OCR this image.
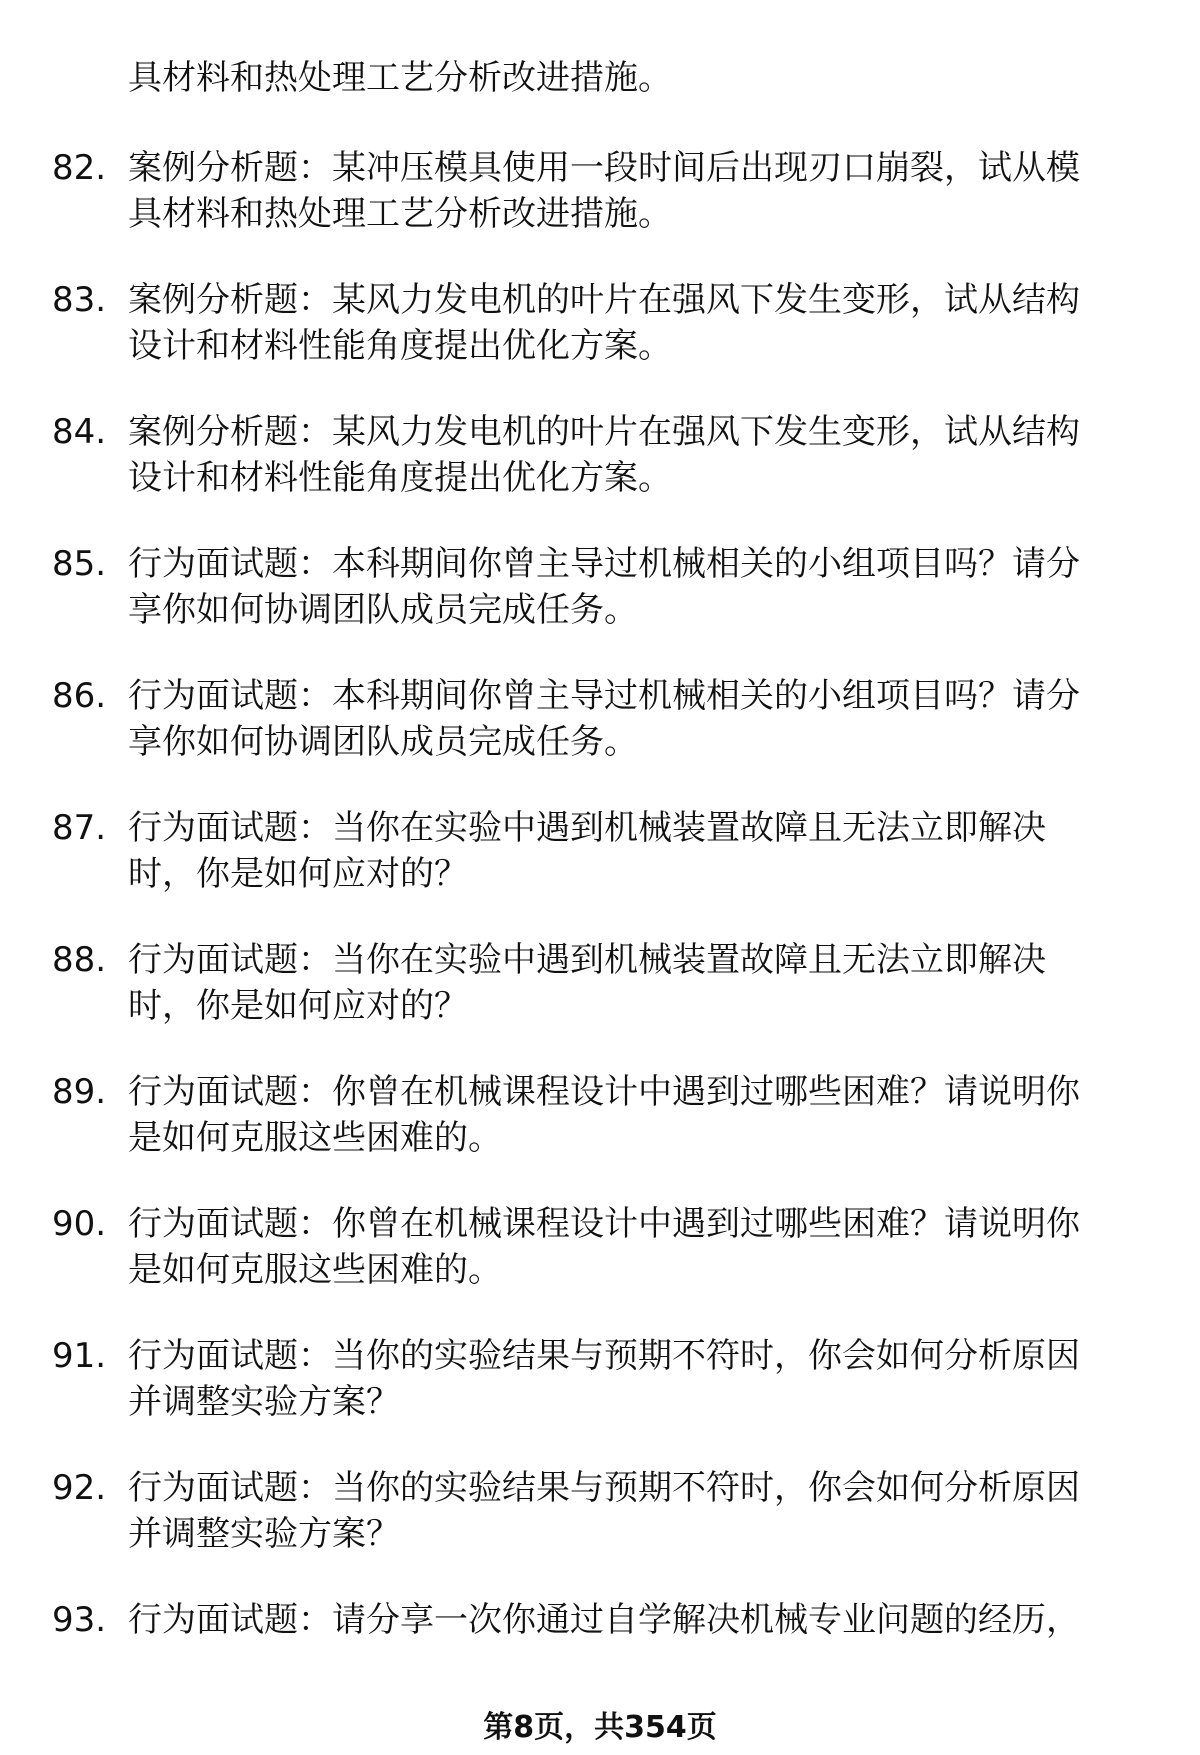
具材料和热处理工艺分析改进措施。
82. 案例分析题：某冲压模具使用一段时间后出现刃口崩裂，试从模
具材料和热处理工艺分析改进措施。
83. 案例分析题：某风力发电机的叶片在强风下发生变形，试从结构
设计和材料性能角度提出优化方案。
84. 案例分析题：某风力发电机的叶片在强风下发生变形，试从结构
设计和材料性能角度提出优化方案。
85. 行为面试题：本科期间你曾主导过机械相关的小组项目吗？请分
享你如何协调团队成员完成任务。
86. 行为面试题：本科期间你曾主导过机械相关的小组项目吗？请分
享你如何协调团队成员完成任务。
87. 行为面试题：当你在实验中遇到机械装置故障且无法立即解决
时，你是如何应对的？
88. 行为面试题：当你在实验中遇到机械装置故障且无法立即解决
时，你是如何应对的？
89. 行为面试题：你曾在机械课程设计中遇到过哪些困难？请说明你
是如何克服这些困难的。
90. 行为面试题：你曾在机械课程设计中遇到过哪些困难？请说明你
是如何克服这些困难的。
91. 行为面试题：当你的实验结果与预期不符时，你会如何分析原因
并调整实验方案？
92. 行为面试题：当你的实验结果与预期不符时，你会如何分析原因
并调整实验方案？
93. 行为面试题：请分享一次你通过自学解决机械专业问题的经历，
第8页，共354页
